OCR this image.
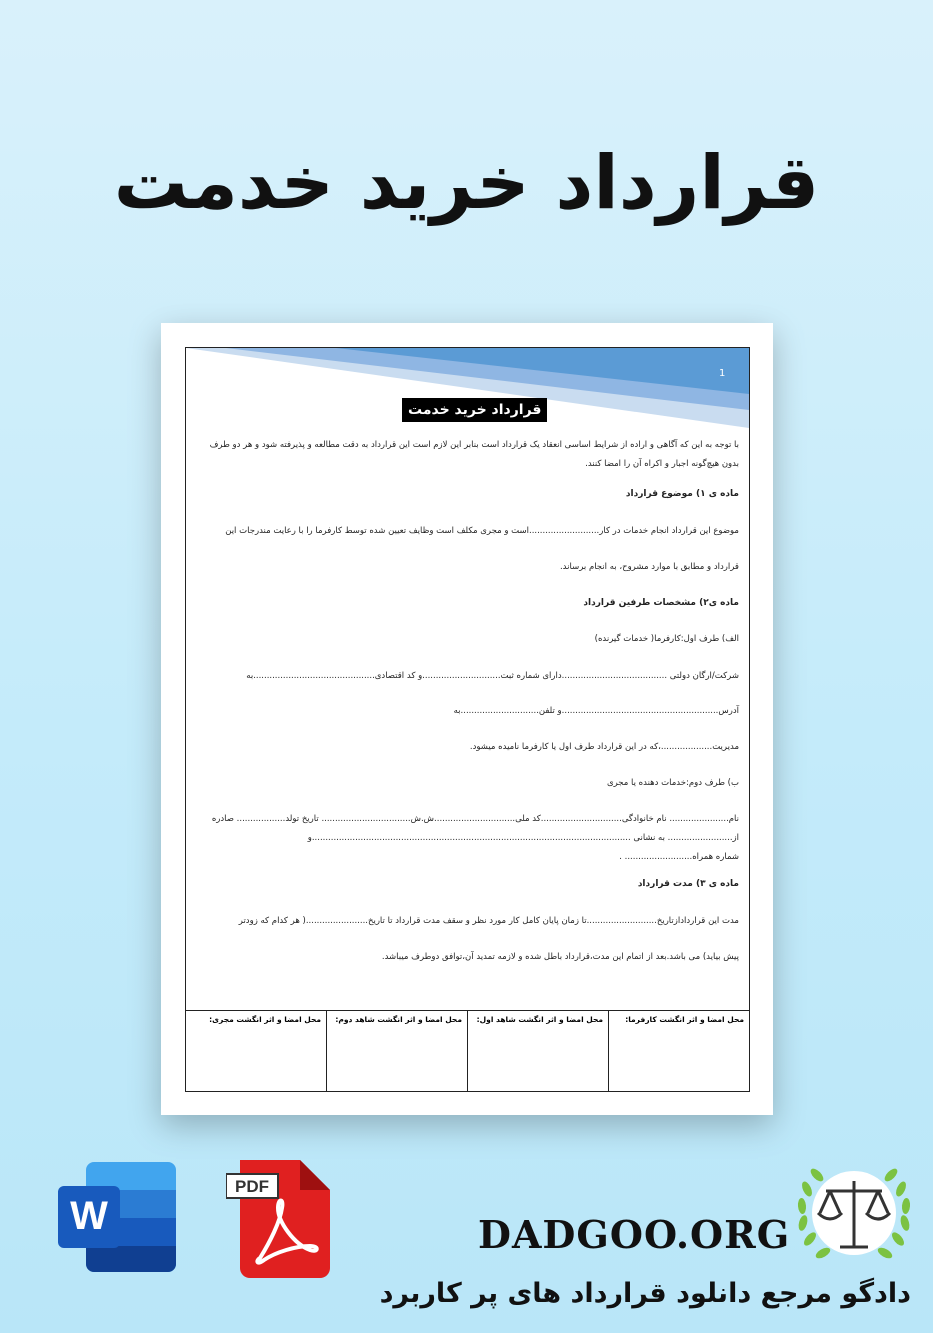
قرارداد خرید خدمت
1
قرارداد خرید خدمت
با توجه به این که آگاهی و اراده از شرایط اساسی انعقاد یک قرارداد است بنابر این لازم است این قرارداد به دقت مطالعه و پذیرفته شود و هر دو طرف
بدون هیچ‌گونه اجبار و اکراه آن را امضا کنند.
ماده ی ۱) موضوع قرارداد
موضوع این قرارداد انجام خدمات در کار..........................است و مجری مکلف است وظایف تعیین شده توسط کارفرما را با رعایت مندرجات این
قرارداد و مطابق با موارد مشروح، به انجام برساند.
ماده ی۲) مشخصات طرفین قرارداد
الف) طرف اول:کارفرما( خدمات گیرنده)
شرکت/ارگان دولتی .......................................دارای شماره ثبت.............................و کد اقتصادی.............................................به
آدرس..........................................................و تلفن.............................به
مدیریت...................،که در این قرارداد طرف اول یا کارفرما نامیده میشود.
ب) طرف دوم:خدمات دهنده یا مجری
نام...................... نام خانوادگی..............................کد ملی..............................ش.ش................................. تاریخ تولد.................. صادره
از........................ به نشانی ......................................................................................................................و
شماره همراه......................... .
ماده ی ۳) مدت قرارداد
مدت این قراردادازتاریخ..........................تا زمان پایان کامل کار مورد نظر و سقف مدت قرارداد تا تاریخ.......................( هر کدام که زودتر
پیش بیاید) می باشد.بعد از اتمام این مدت،قرارداد باطل شده و لازمه تمدید آن،توافق دوطرف میباشد.
محل امضا و اثر انگشت کارفرما:
محل امضا و اثر انگشت شاهد اول:
محل امضا و اثر انگشت شاهد دوم:
محل امضا و اثر انگشت مجری:
W
PDF
DADGOO.ORG
دادگو مرجع دانلود قرارداد های پر کاربرد
